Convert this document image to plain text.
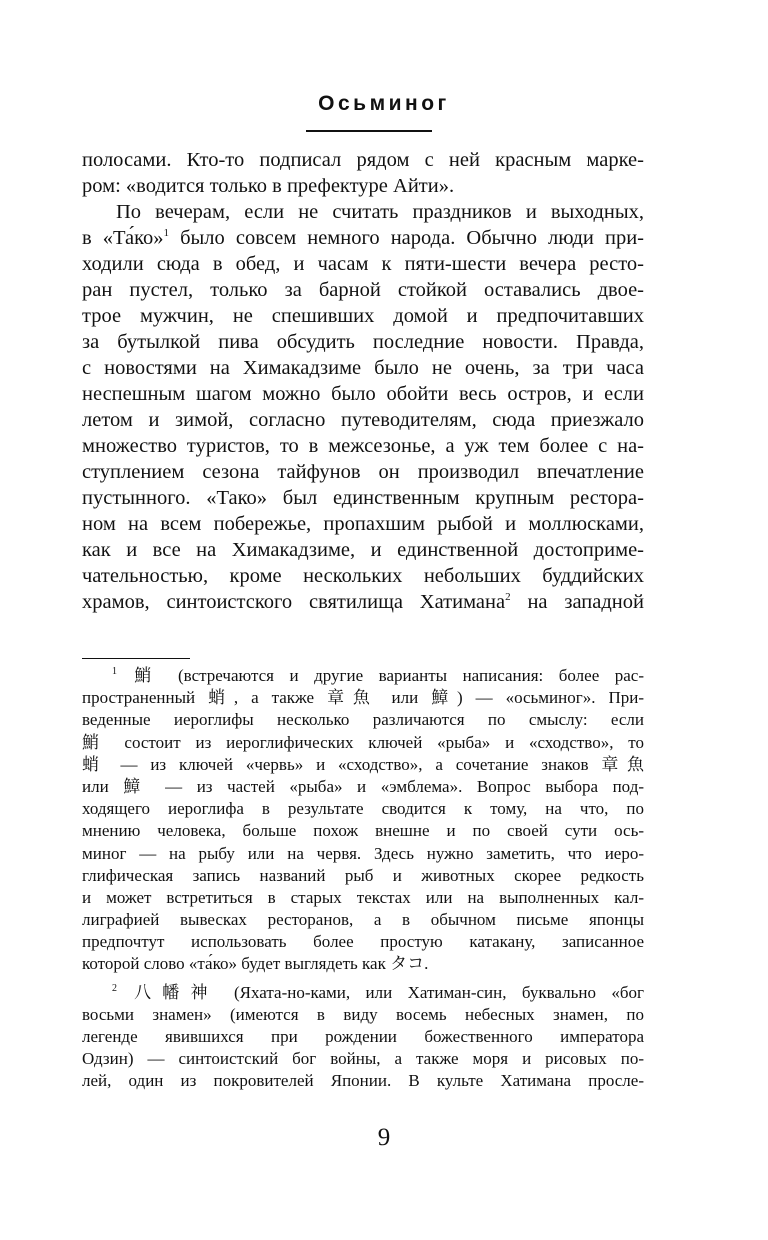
Осьминог
полосами. Кто-то подписал рядом с ней красным марке-
ром: «водится только в префектуре Айти».
По вечерам, если не считать праздников и выходных,
в «Та́ко»$^1$ было совсем немного народа. Обычно люди при-
ходили сюда в обед, и часам к пяти-шести вечера ресто-
ран пустел, только за барной стойкой оставались двое-
трое мужчин, не спешивших домой и предпочитавших
за бутылкой пива обсудить последние новости. Правда,
с новостями на Химакадзиме было не очень, за три часа
неспешным шагом можно было обойти весь остров, и если
летом и зимой, согласно путеводителям, сюда приезжало
множество туристов, то в межсезонье, а уж тем более с на-
ступлением сезона тайфунов он производил впечатление
пустынного. «Тако» был единственным крупным рестора-
ном на всем побережье, пропахшим рыбой и моллюсками,
как и все на Химакадзиме, и единственной достоприме-
чательностью, кроме нескольких небольших буддийских
храмов, синтоистского святилища Хатимана$^2$ на западной
$^1$ 鮹 (встречаются и другие варианты написания: более рас-
пространенный 蛸, а также 章魚 или 鱆) — «осьминог». При-
веденные иероглифы несколько различаются по смыслу: если
鮹 состоит из иероглифических ключей «рыба» и «сходство», то
蛸 — из ключей «червь» и «сходство», а сочетание знаков 章魚
или 鱆 — из частей «рыба» и «эмблема». Вопрос выбора под-
ходящего иероглифа в результате сводится к тому, на что, по
мнению человека, больше похож внешне и по своей сути ось-
миног — на рыбу или на червя. Здесь нужно заметить, что иеро-
глифическая запись названий рыб и животных скорее редкость
и может встретиться в старых текстах или на выполненных кал-
лиграфией вывесках ресторанов, а в обычном письме японцы
предпочтут использовать более простую катакану, записанное
которой слово «та́ко» будет выглядеть как タコ.
$^2$ 八幡神 (Яхата-но-ками, или Хатиман-син, буквально «бог
восьми знамен» (имеются в виду восемь небесных знамен, по
легенде явившихся при рождении божественного императора
Одзин) — синтоистский бог войны, а также моря и рисовых по-
лей, один из покровителей Японии. В культе Хатимана просле-
9
